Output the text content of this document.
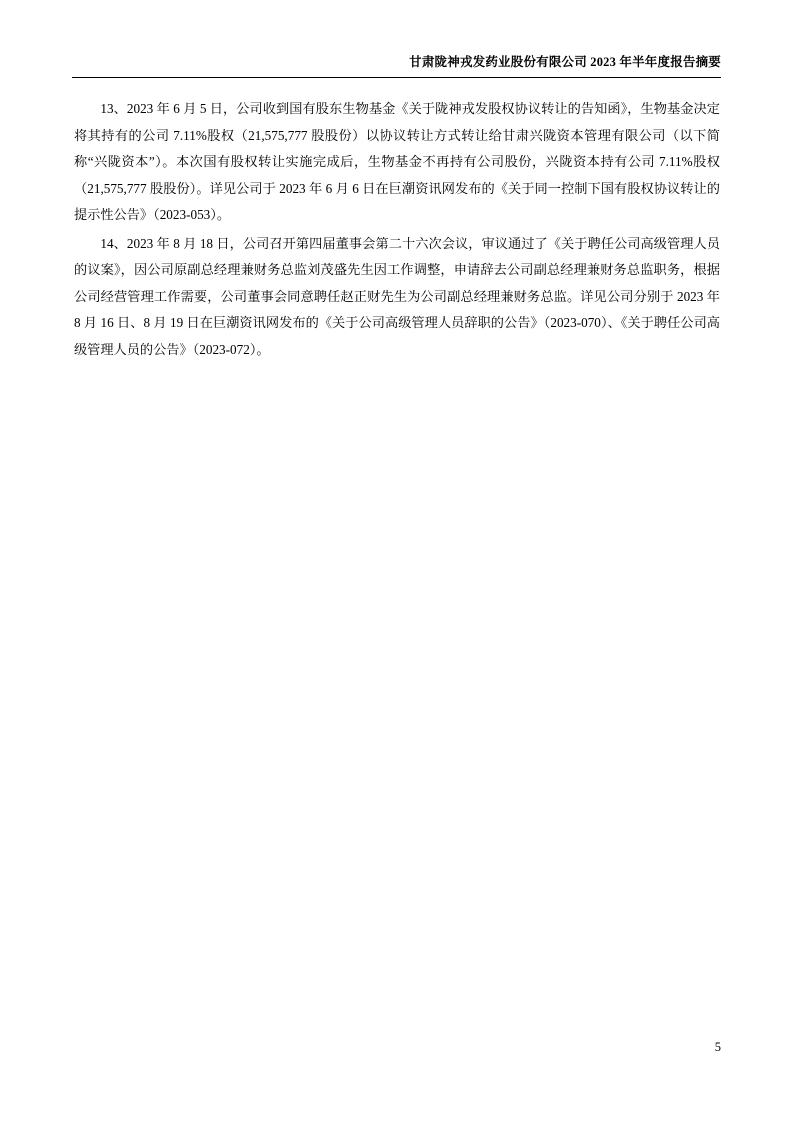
甘肃陇神戎发药业股份有限公司 2023 年半年度报告摘要

13、2023 年 6 月 5 日，公司收到国有股东生物基金《关于陇神戎发股权协议转让的告知函》，生物基金决定将其持有的公司 7.11%股权（21,575,777 股股份）以协议转让方式转让给甘肃兴陇资本管理有限公司（以下简称“兴陇资本”）。本次国有股权转让实施完成后，生物基金不再持有公司股份，兴陇资本持有公司 7.11%股权（21,575,777 股股份）。详见公司于 2023 年 6 月 6 日在巨潮资讯网发布的《关于同一控制下国有股权协议转让的提示性公告》（2023-053）。

14、2023 年 8 月 18 日，公司召开第四届董事会第二十六次会议，审议通过了《关于聘任公司高级管理人员的议案》，因公司原副总经理兼财务总监刘茂盛先生因工作调整，申请辞去公司副总经理兼财务总监职务，根据公司经营管理工作需要，公司董事会同意聘任赵正财先生为公司副总经理兼财务总监。详见公司分别于 2023 年 8 月 16 日、8 月 19 日在巨潮资讯网发布的《关于公司高级管理人员辞职的公告》（2023-070）、《关于聘任公司高级管理人员的公告》（2023-072）。

5
